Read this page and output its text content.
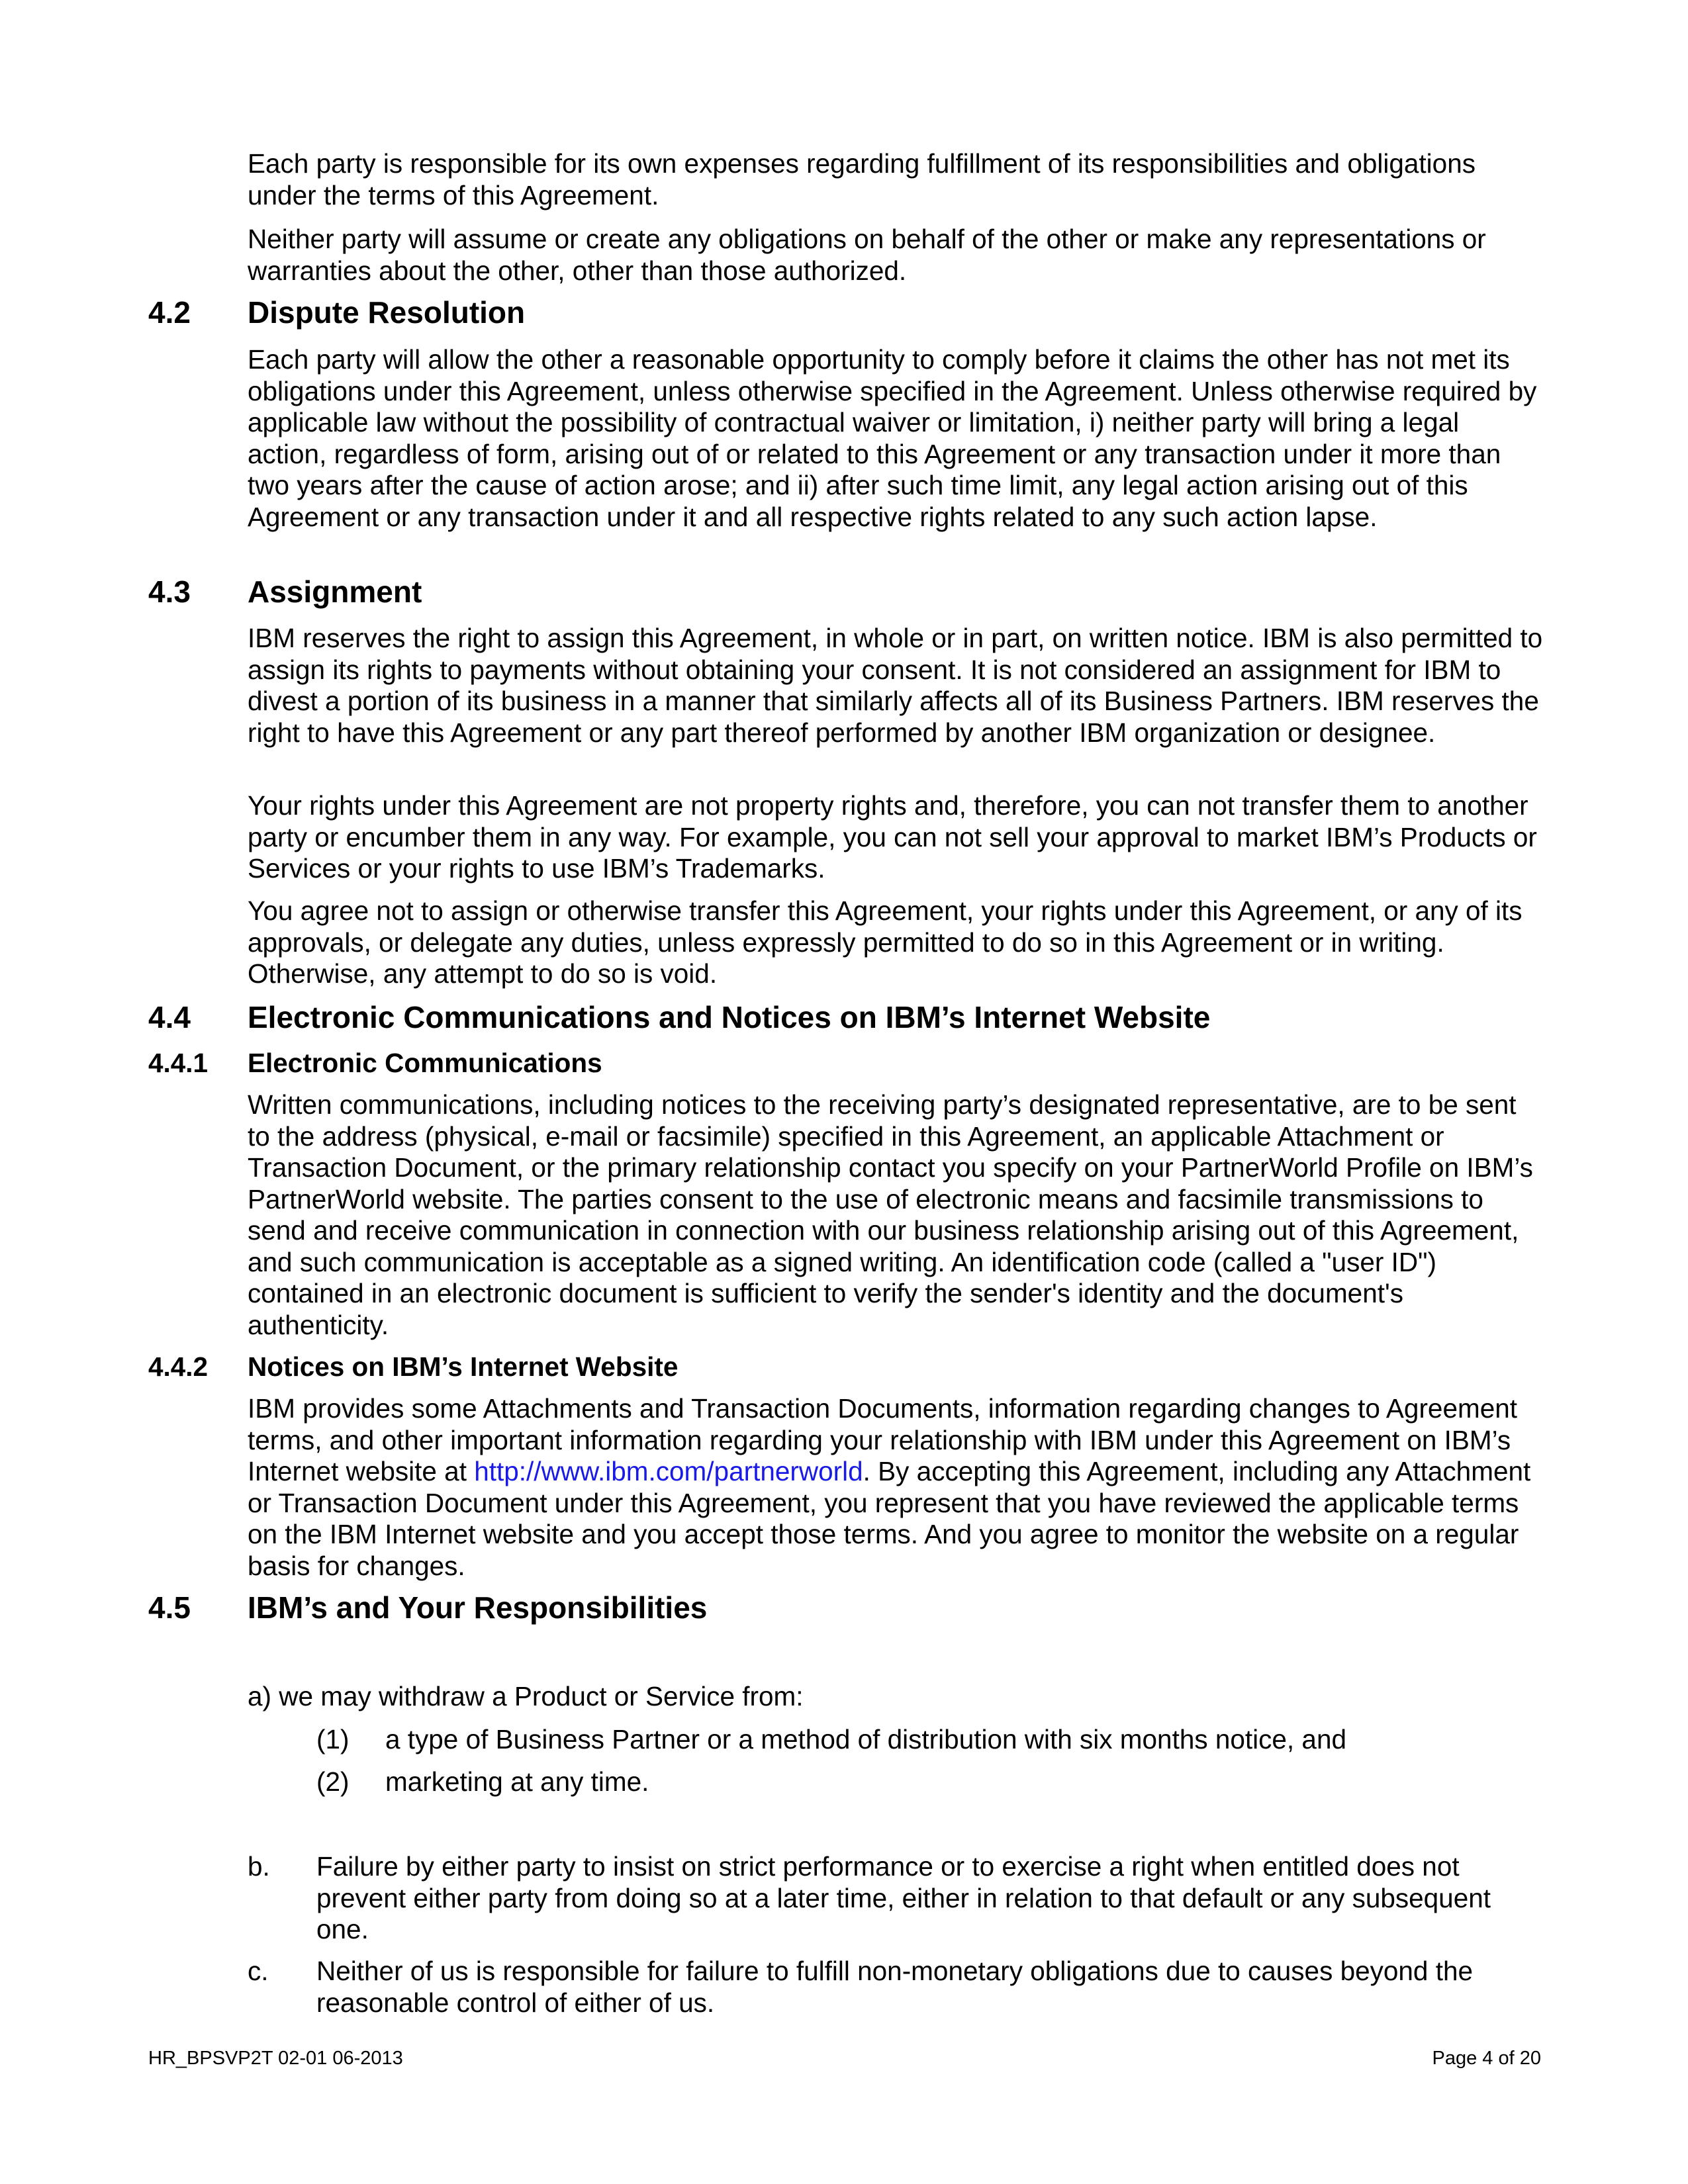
Each party is responsible for its own expenses regarding fulfillment of its responsibilities and obligations under the terms of this Agreement.

Neither party will assume or create any obligations on behalf of the other or make any representations or warranties about the other, other than those authorized.

4.2 Dispute Resolution

Each party will allow the other a reasonable opportunity to comply before it claims the other has not met its obligations under this Agreement, unless otherwise specified in the Agreement. Unless otherwise required by applicable law without the possibility of contractual waiver or limitation, i) neither party will bring a legal action, regardless of form, arising out of or related to this Agreement or any transaction under it more than two years after the cause of action arose; and ii) after such time limit, any legal action arising out of this Agreement or any transaction under it and all respective rights related to any such action lapse.

4.3 Assignment

IBM reserves the right to assign this Agreement, in whole or in part, on written notice. IBM is also permitted to assign its rights to payments without obtaining your consent. It is not considered an assignment for IBM to divest a portion of its business in a manner that similarly affects all of its Business Partners. IBM reserves the right to have this Agreement or any part thereof performed by another IBM organization or designee.

Your rights under this Agreement are not property rights and, therefore, you can not transfer them to another party or encumber them in any way. For example, you can not sell your approval to market IBM’s Products or Services or your rights to use IBM’s Trademarks.

You agree not to assign or otherwise transfer this Agreement, your rights under this Agreement, or any of its approvals, or delegate any duties, unless expressly permitted to do so in this Agreement or in writing. Otherwise, any attempt to do so is void.

4.4 Electronic Communications and Notices on IBM’s Internet Website
4.4.1 Electronic Communications

Written communications, including notices to the receiving party’s designated representative, are to be sent to the address (physical, e-mail or facsimile) specified in this Agreement, an applicable Attachment or Transaction Document, or the primary relationship contact you specify on your PartnerWorld Profile on IBM’s PartnerWorld website. The parties consent to the use of electronic means and facsimile transmissions to send and receive communication in connection with our business relationship arising out of this Agreement, and such communication is acceptable as a signed writing. An identification code (called a "user ID") contained in an electronic document is sufficient to verify the sender's identity and the document's authenticity.

4.4.2 Notices on IBM’s Internet Website

IBM provides some Attachments and Transaction Documents, information regarding changes to Agreement terms, and other important information regarding your relationship with IBM under this Agreement on IBM’s Internet website at http://www.ibm.com/partnerworld. By accepting this Agreement, including any Attachment or Transaction Document under this Agreement, you represent that you have reviewed the applicable terms on the IBM Internet website and you accept those terms. And you agree to monitor the website on a regular basis for changes.

4.5 IBM’s and Your Responsibilities

a) we may withdraw a Product or Service from:

(1) a type of Business Partner or a method of distribution with six months notice, and

(2) marketing at any time.

b.	Failure by either party to insist on strict performance or to exercise a right when entitled does not prevent either party from doing so at a later time, either in relation to that default or any subsequent one.
c.	Neither of us is responsible for failure to fulfill non-monetary obligations due to causes beyond the reasonable control of either of us.

HR_BPSVP2T 02-01 06-2013	Page 4 of 20
